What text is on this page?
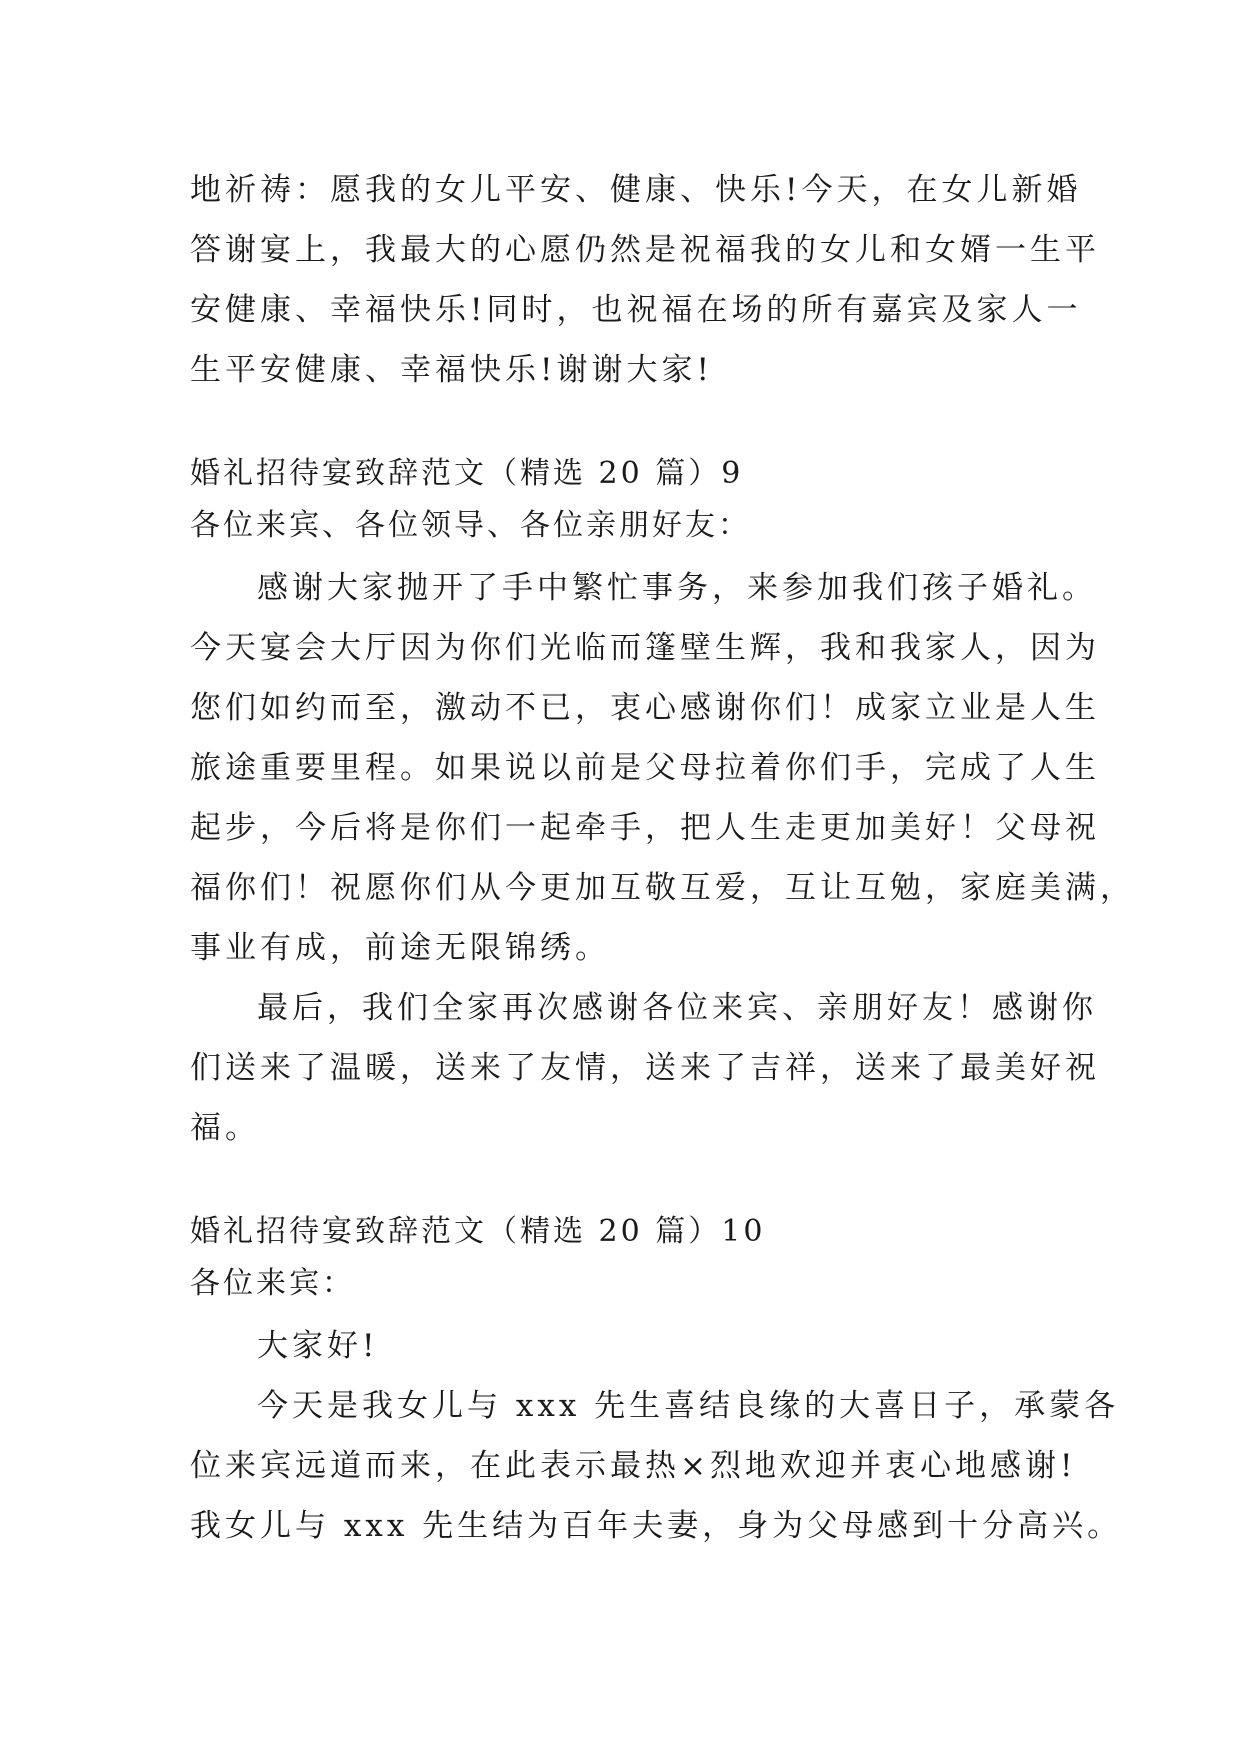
地祈祷：愿我的女儿平安、健康、快乐!今天，在女儿新婚
答谢宴上，我最大的心愿仍然是祝福我的女儿和女婿一生平
安健康、幸福快乐!同时，也祝福在场的所有嘉宾及家人一
生平安健康、幸福快乐!谢谢大家!
婚礼招待宴致辞范文（精选 20 篇）9
各位来宾、各位领导、各位亲朋好友：
感谢大家抛开了手中繁忙事务，来参加我们孩子婚礼。
今天宴会大厅因为你们光临而篷壁生辉，我和我家人，因为
您们如约而至，激动不已，衷心感谢你们！成家立业是人生
旅途重要里程。如果说以前是父母拉着你们手，完成了人生
起步，今后将是你们一起牵手，把人生走更加美好！父母祝
福你们！祝愿你们从今更加互敬互爱，互让互勉，家庭美满，
事业有成，前途无限锦绣。
最后，我们全家再次感谢各位来宾、亲朋好友！感谢你
们送来了温暖，送来了友情，送来了吉祥，送来了最美好祝
福。
婚礼招待宴致辞范文（精选 20 篇）10
各位来宾：
大家好!
今天是我女儿与 xxx 先生喜结良缘的大喜日子，承蒙各
位来宾远道而来，在此表示最热×烈地欢迎并衷心地感谢!
我女儿与 xxx 先生结为百年夫妻，身为父母感到十分高兴。
